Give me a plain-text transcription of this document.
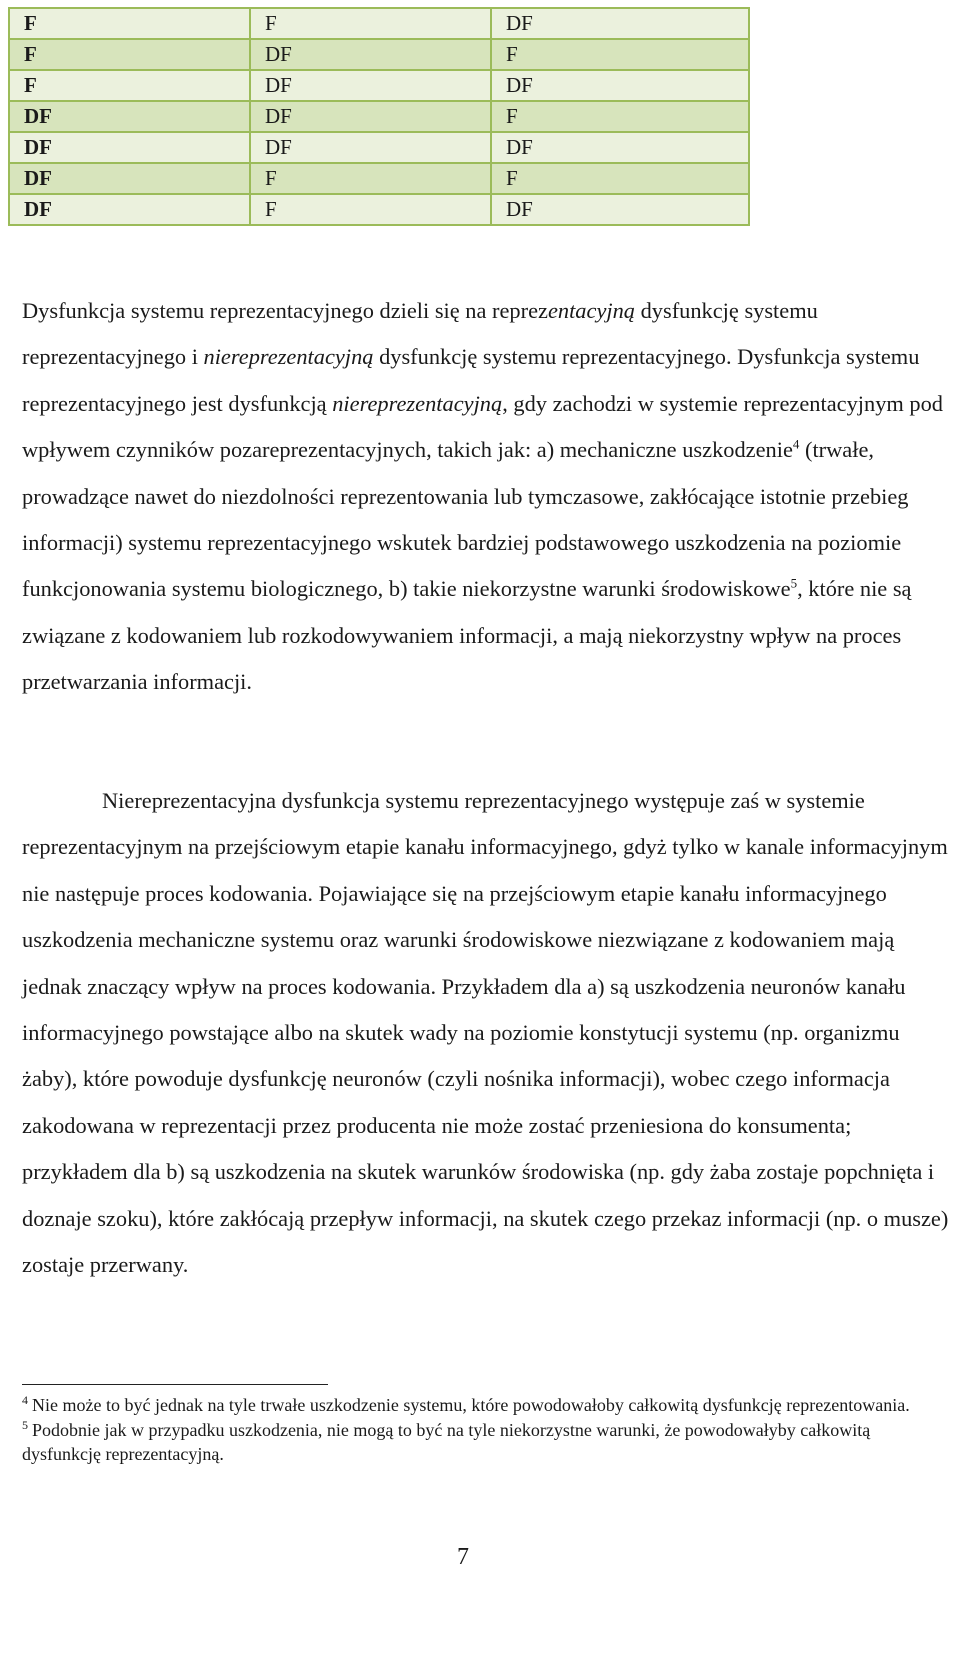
F	F	DF
F	DF	F
F	DF	DF
DF	DF	F
DF	DF	DF
DF	F	F
DF	F	DF

Dysfunkcja systemu reprezentacyjnego dzieli się na reprezentacyjną dysfunkcję systemu reprezentacyjnego i niereprezentacyjną dysfunkcję systemu reprezentacyjnego. Dysfunkcja systemu reprezentacyjnego jest dysfunkcją niereprezentacyjną, gdy zachodzi w systemie reprezentacyjnym pod wpływem czynników pozareprezentacyjnych, takich jak: a) mechaniczne uszkodzenie$^4$ (trwałe, prowadzące nawet do niezdolności reprezentowania lub tymczasowe, zakłócające istotnie przebieg informacji) systemu reprezentacyjnego wskutek bardziej podstawowego uszkodzenia na poziomie funkcjonowania systemu biologicznego, b) takie niekorzystne warunki środowiskowe$^5$, które nie są związane z kodowaniem lub rozkodowywaniem informacji, a mają niekorzystny wpływ na proces przetwarzania informacji.

Niereprezentacyjna dysfunkcja systemu reprezentacyjnego występuje zaś w systemie reprezentacyjnym na przejściowym etapie kanału informacyjnego, gdyż tylko w kanale informacyjnym nie następuje proces kodowania. Pojawiające się na przejściowym etapie kanału informacyjnego uszkodzenia mechaniczne systemu oraz warunki środowiskowe niezwiązane z kodowaniem mają jednak znaczący wpływ na proces kodowania. Przykładem dla a) są uszkodzenia neuronów kanału informacyjnego powstające albo na skutek wady na poziomie konstytucji systemu (np. organizmu żaby), które powoduje dysfunkcję neuronów (czyli nośnika informacji), wobec czego informacja zakodowana w reprezentacji przez producenta nie może zostać przeniesiona do konsumenta; przykładem dla b) są uszkodzenia na skutek warunków środowiska (np. gdy żaba zostaje popchnięta i doznaje szoku), które zakłócają przepływ informacji, na skutek czego przekaz informacji (np. o musze) zostaje przerwany.

$^4$ Nie może to być jednak na tyle trwałe uszkodzenie systemu, które powodowałoby całkowitą dysfunkcję reprezentowania.

$^5$ Podobnie jak w przypadku uszkodzenia, nie mogą to być na tyle niekorzystne warunki, że powodowałyby całkowitą dysfunkcję reprezentacyjną.

7
